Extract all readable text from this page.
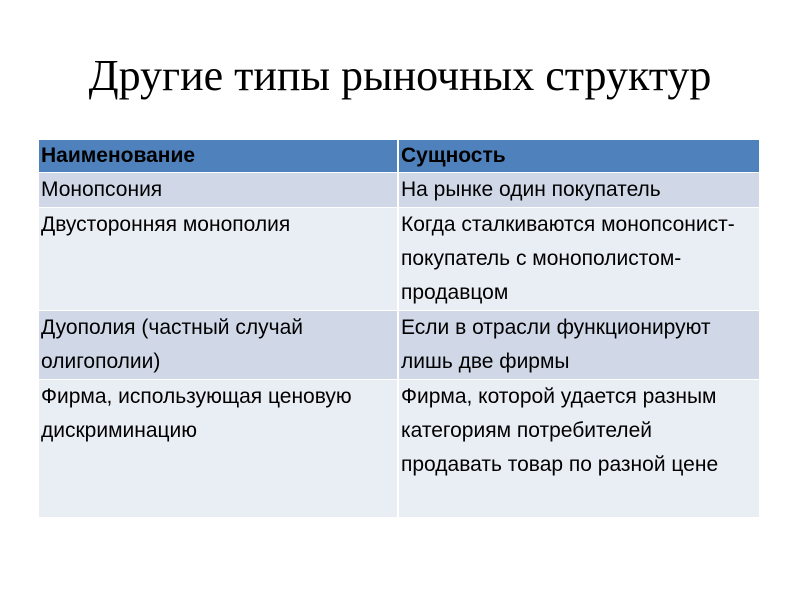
Другие типы рыночных структур
Наименование	Сущность
Монопсония	На рынке один покупатель
Двусторонняя монополия	Когда сталкиваются монопсонист-покупатель с монополистом-продавцом
Дуополия (частный случай олигополии)	Если в отрасли функционируют лишь две фирмы
Фирма, использующая ценовую дискриминацию	Фирма, которой удается разным категориям потребителей продавать товар по разной цене
